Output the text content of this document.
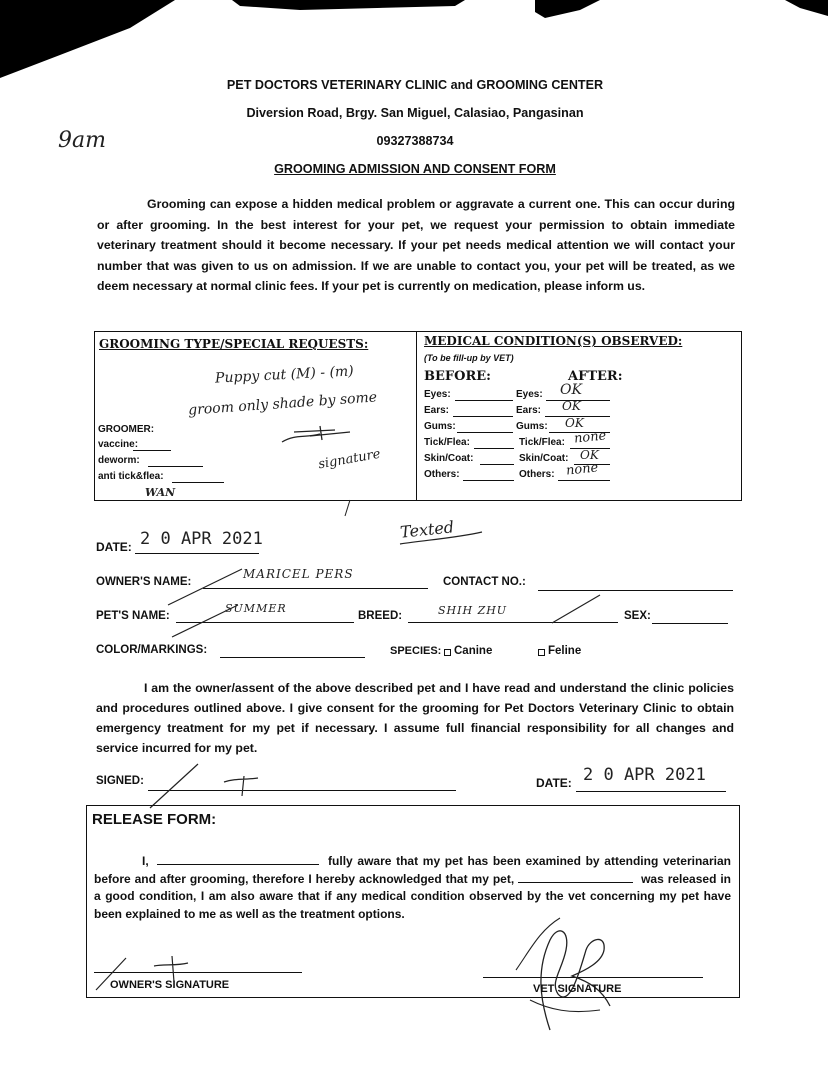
9am
PET DOCTORS VETERINARY CLINIC and GROOMING CENTER
Diversion Road, Brgy. San Miguel, Calasiao, Pangasinan
09327388734
GROOMING ADMISSION AND CONSENT FORM
Grooming can expose a hidden medical problem or aggravate a current one. This can occur during or after grooming. In the best interest for your pet, we request your permission to obtain immediate veterinary treatment should it become necessary. If your pet needs medical attention we will contact your number that was given to us on admission. If we are unable to contact you, your pet will be treated, as we deem necessary at normal clinic fees. If your pet is currently on medication, please inform us.
GROOMING TYPE/SPECIAL REQUESTS:
Puppy cut (M) - (m)
groom only shade by some
GROOMER:
vaccine:
deworm:
anti tick&flea:
signature
WAN
MEDICAL CONDITION(S) OBSERVED:
(To be fill-up by VET)
BEFORE:	AFTER:
Eyes:	Eyes: OK
Ears:	Ears: OK
Gums:	Gums: OK
Tick/Flea:	Tick/Flea: none
Skin/Coat:	Skin/Coat: OK
Others:	Others: none
Texted
DATE: 2 0 APR 2021
OWNER'S NAME:
MARICEL PERS
CONTACT NO.:
PET'S NAME:
SUMMER
BREED:	SHIH ZHU	SEX:
COLOR/MARKINGS:	SPECIES: Canine	Feline
I am the owner/assent of the above described pet and I have read and understand the clinic policies and procedures outlined above. I give consent for the grooming for Pet Doctors Veterinary Clinic to obtain emergency treatment for my pet if necessary. I assume full financial responsibility for all changes and service incurred for my pet.
SIGNED:	DATE: 2 0 APR 2021
RELEASE FORM:
I,	fully aware that my pet has been examined by attending veterinarian before and after grooming, therefore I hereby acknowledged that my pet,	was released in a good condition, I am also aware that if any medical condition observed by the vet concerning my pet have been explained to me as well as the treatment options.
OWNER'S SIGNATURE	VET SIGNATURE
